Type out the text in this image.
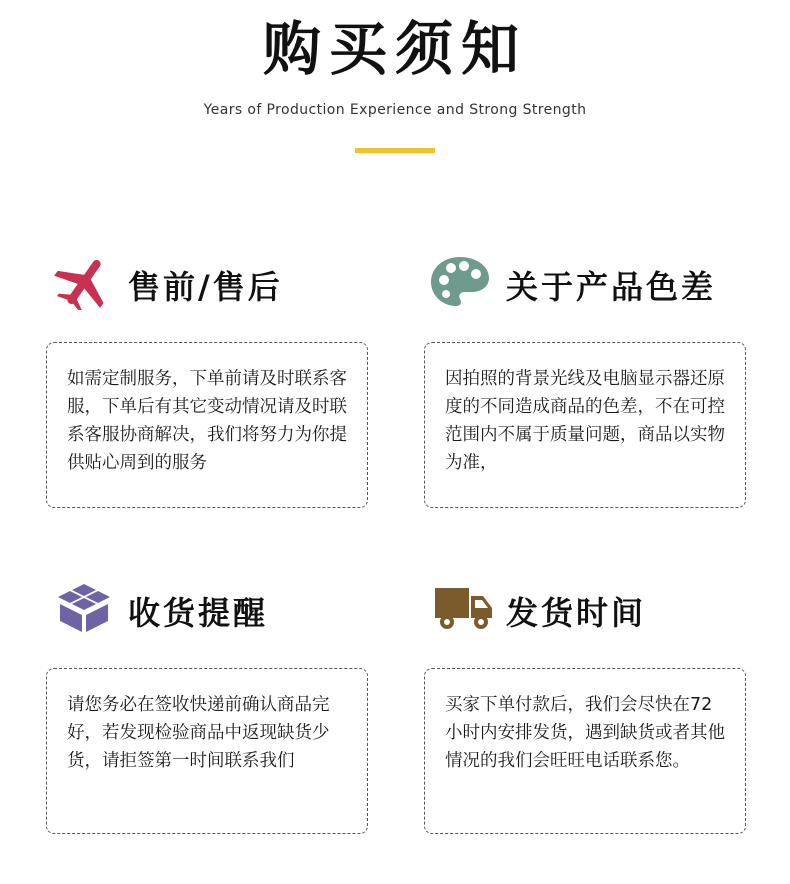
购买须知
Years of Production Experience and Strong Strength
售前/售后
如需定制服务，下单前请及时联系客服，下单后有其它变动情况请及时联系客服协商解决，我们将努力为你提供贴心周到的服务
关于产品色差
因拍照的背景光线及电脑显示器还原度的不同造成商品的色差，不在可控范围内不属于质量问题，商品以实物为准，
收货提醒
请您务必在签收快递前确认商品完好，若发现检验商品中返现缺货少货，请拒签第一时间联系我们
发货时间
买家下单付款后，我们会尽快在72小时内安排发货，遇到缺货或者其他情况的我们会旺旺电话联系您。
